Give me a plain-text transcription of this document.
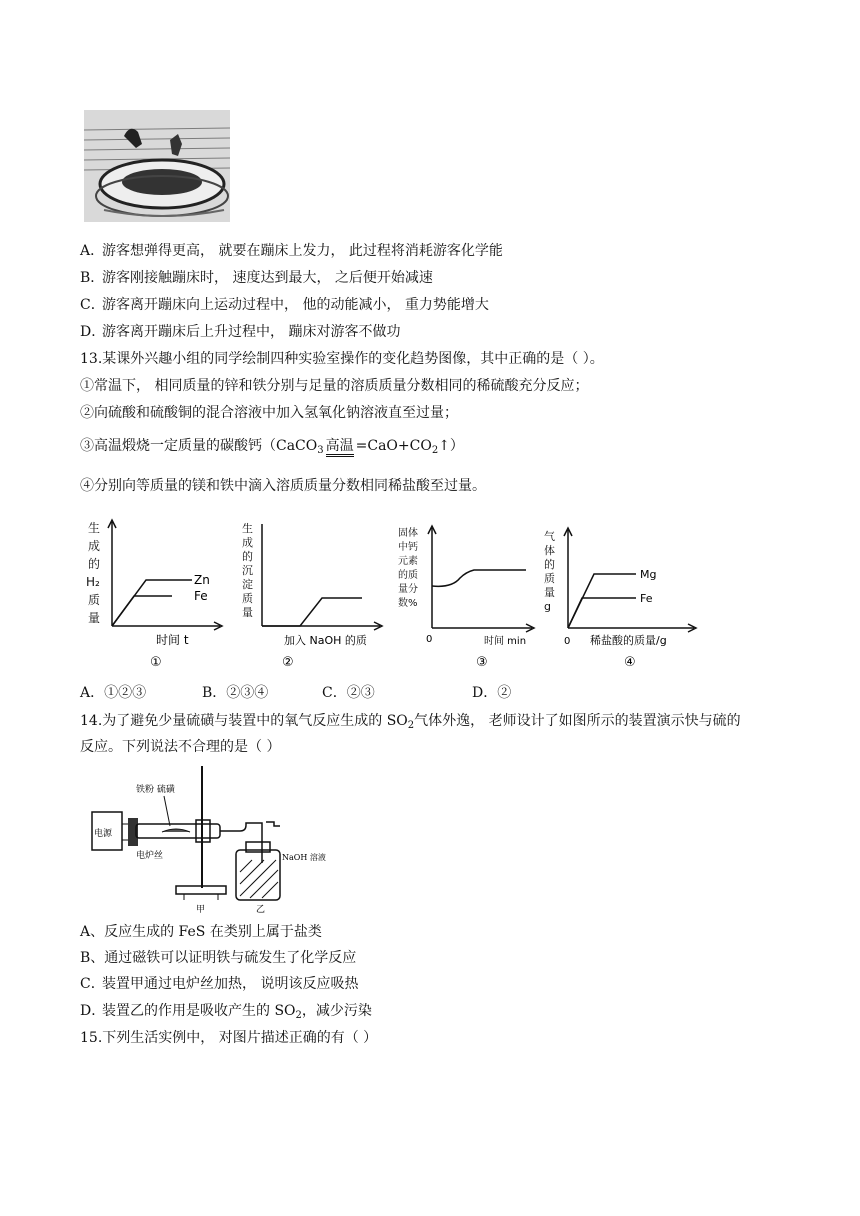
A．游客想弹得更高， 就要在蹦床上发力， 此过程将消耗游客化学能
B．游客刚接触蹦床时， 速度达到最大， 之后便开始减速
C．游客离开蹦床向上运动过程中， 他的动能减小， 重力势能增大
D．游客离开蹦床后上升过程中， 蹦床对游客不做功
13.某课外兴趣小组的同学绘制四种实验室操作的变化趋势图像，其中正确的是（ ）。
①常温下， 相同质量的锌和铁分别与足量的溶质质量分数相同的稀硫酸充分反应；
②向硫酸和硫酸铜的混合溶液中加入氢氧化钠溶液直至过量；
③高温煅烧一定质量的碳酸钙（CaCO$_3$ 高温 $=CaO+CO_2↑$）
④分别向等质量的镁和铁中滴入溶质质量分数相同稀盐酸至过量。
生
成
的
H₂
质
量
Zn
Fe
时间 t
①
生
成
的
沉
淀
质
量
加入 NaOH 的质
②
固体
中钙
元素
的质
量分
数%
0	时间 min
③
气
体
的
质
量
g
Mg
Fe
0 稀盐酸的质量/g
④
A．①②③	B．②③④	C．②③	D．②
14.为了避免少量硫磺与装置中的氧气反应生成的 $SO_2$气体外逸， 老师设计了如图所示的装置演示快与硫的
反应。下列说法不合理的是（ ）
电源
铁粉 硫磺
电炉丝
甲
NaOH 溶液
乙
A、反应生成的 FeS 在类别上属于盐类
B、通过磁铁可以证明铁与硫发生了化学反应
C．装置甲通过电炉丝加热， 说明该反应吸热
D．装置乙的作用是吸收产生的 $SO_2$，减少污染
15.下列生活实例中， 对图片描述正确的有（ ）
